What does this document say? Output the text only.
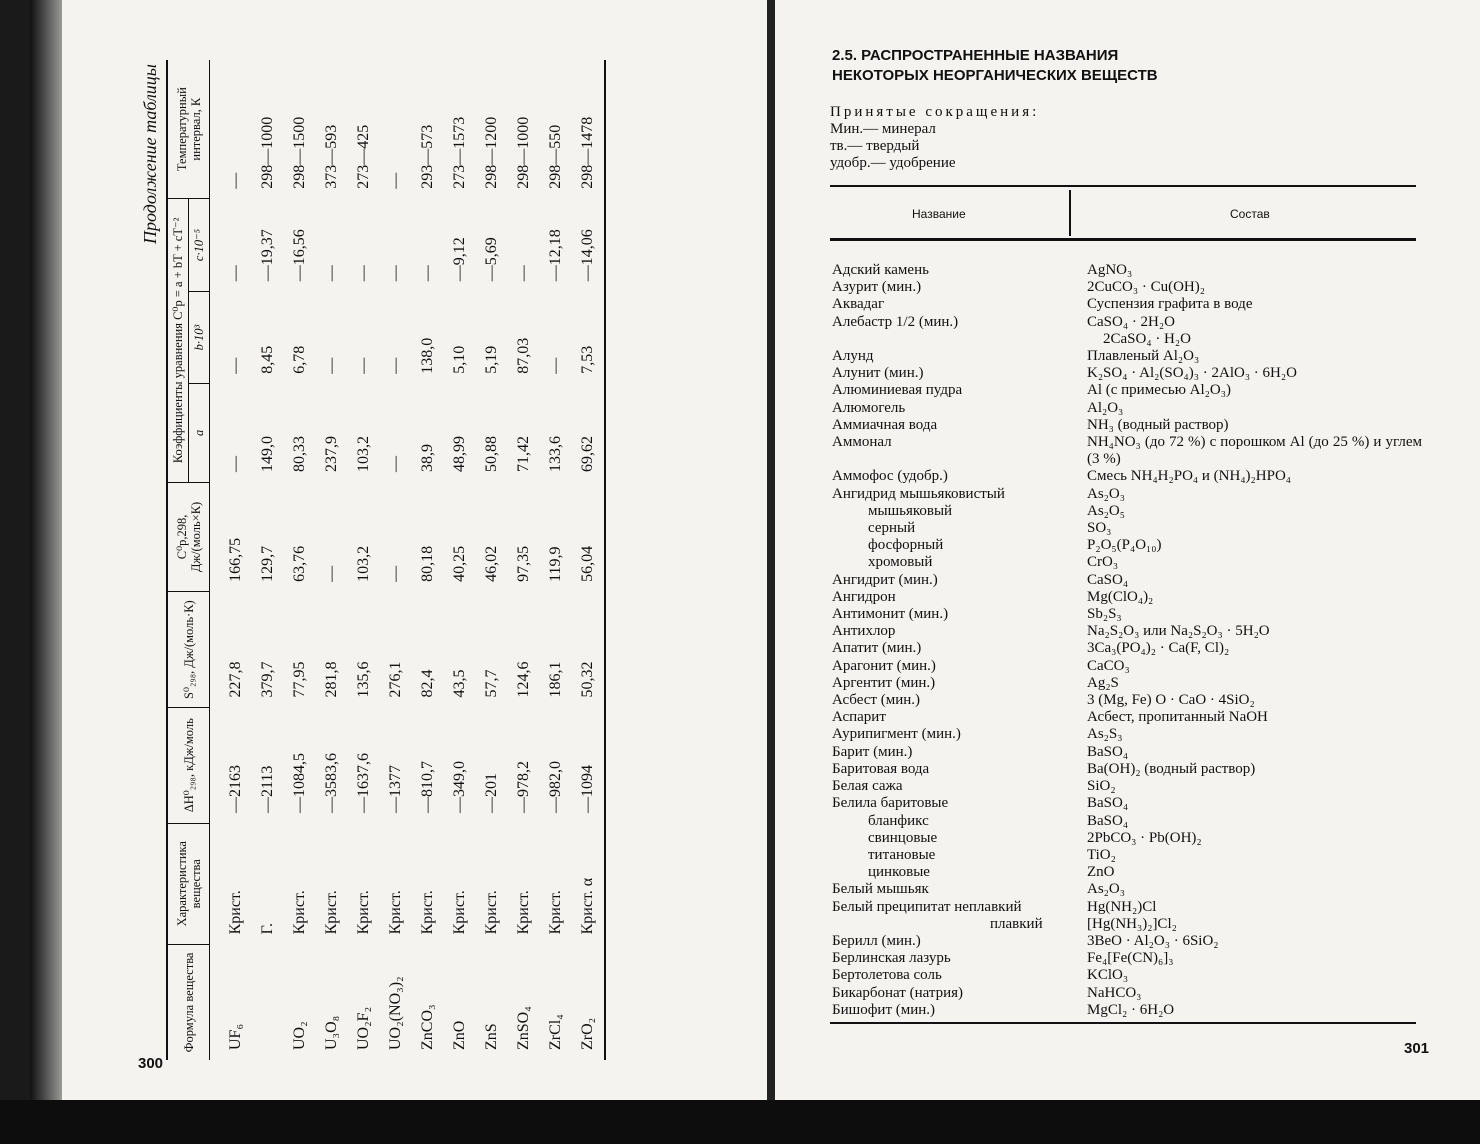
Продолжение таблицы
Формула вещества	Характеристика вещества	ΔH⁰₂₉₈, кДж/моль	S⁰₂₉₈, Дж/(моль·К)	C⁰p,298, Дж/(моль×К)	Коэффициенты уравнения C⁰p = a + bT + cT⁻²			Температурный интервал, К
					a	b·10³	c·10⁻⁵	
UF₆	Крист.	—2163	227,8	166,75	—	—	—	—
	Г.	—2113	379,7	129,7	149,0	8,45	—19,37	298—1000
UO₂	Крист.	—1084,5	77,95	63,76	80,33	6,78	—16,56	298—1500
U₃O₈	Крист.	—3583,6	281,8	—	237,9	—	—	373—593
UO₂F₂	Крист.	—1637,6	135,6	103,2	103,2	—	—	273—425
UO₂(NO₃)₂	Крист.	—1377	276,1	—	—	—	—	—
ZnCO₃	Крист.	—810,7	82,4	80,18	38,9	138,0	—	293—573
ZnO	Крист.	—349,0	43,5	40,25	48,99	5,10	—9,12	273—1573
ZnS	Крист.	—201	57,7	46,02	50,88	5,19	—5,69	298—1200
ZnSO₄	Крист.	—978,2	124,6	97,35	71,42	87,03	—	298—1000
ZrCl₄	Крист.	—982,0	186,1	119,9	133,6	—	—12,18	298—550
ZrO₂	Крист. α	—1094	50,32	56,04	69,62	7,53	—14,06	298—1478
300
2.5. РАСПРОСТРАНЕННЫЕ НАЗВАНИЯ
НЕКОТОРЫХ НЕОРГАНИЧЕСКИХ ВЕЩЕСТВ
Принятые сокращения:
Мин.— минерал
тв.— твердый
удобр.— удобрение
Название	Состав
Адский камень	AgNO₃
Азурит (мин.)	2CuCO₃ · Cu(OH)₂
Аквадаг	Суспензия графита в воде
Алебастр 1/2 (мин.)	CaSO₄ · 2H₂O
2CaSO₄ · H₂O
Алунд	Плавленый Al₂O₃
Алунит (мин.)	K₂SO₄ · Al₂(SO₄)₃ · 2AlO₃ · 6H₂O
Алюминиевая пудра	Al (с примесью Al₂O₃)
Алюмогель	Al₂O₃
Аммиачная вода	NH₃ (водный раствор)
Аммонал	NH₄NO₃ (до 72 %) с порошком Al (до 25 %) и углем (3 %)
Аммофос (удобр.)	Смесь NH₄H₂PO₄ и (NH₄)₂HPO₄
Ангидрид мышьяковистый	As₂O₃
мышьяковый	As₂O₅
серный	SO₃
фосфорный	P₂O₅(P₄O₁₀)
хромовый	CrO₃
Ангидрит (мин.)	CaSO₄
Ангидрон	Mg(ClO₄)₂
Антимонит (мин.)	Sb₂S₃
Антихлор	Na₂S₂O₃ или Na₂S₂O₃ · 5H₂O
Апатит (мин.)	3Ca₃(PO₄)₂ · Ca(F, Cl)₂
Арагонит (мин.)	CaCO₃
Аргентит (мин.)	Ag₂S
Асбест (мин.)	3 (Mg, Fe) O · CaO · 4SiO₂
Аспарит	Асбест, пропитанный NaOH
Аурипигмент (мин.)	As₂S₃
Барит (мин.)	BaSO₄
Баритовая вода	Ba(OH)₂ (водный раствор)
Белая сажа	SiO₂
Белила баритовые	BaSO₄
бланфикс	BaSO₄
свинцовые	2PbCO₃ · Pb(OH)₂
титановые	TiO₂
цинковые	ZnO
Белый мышьяк	As₂O₃
Белый преципитат неплавкий	Hg(NH₂)Cl
плавкий	[Hg(NH₃)₂]Cl₂
Берилл (мин.)	3BeO · Al₂O₃ · 6SiO₂
Берлинская лазурь	Fe₄[Fe(CN)₆]₃
Бертолетова соль	KClO₃
Бикарбонат (натрия)	NaHCO₃
Бишофит (мин.)	MgCl₂ · 6H₂O
301
